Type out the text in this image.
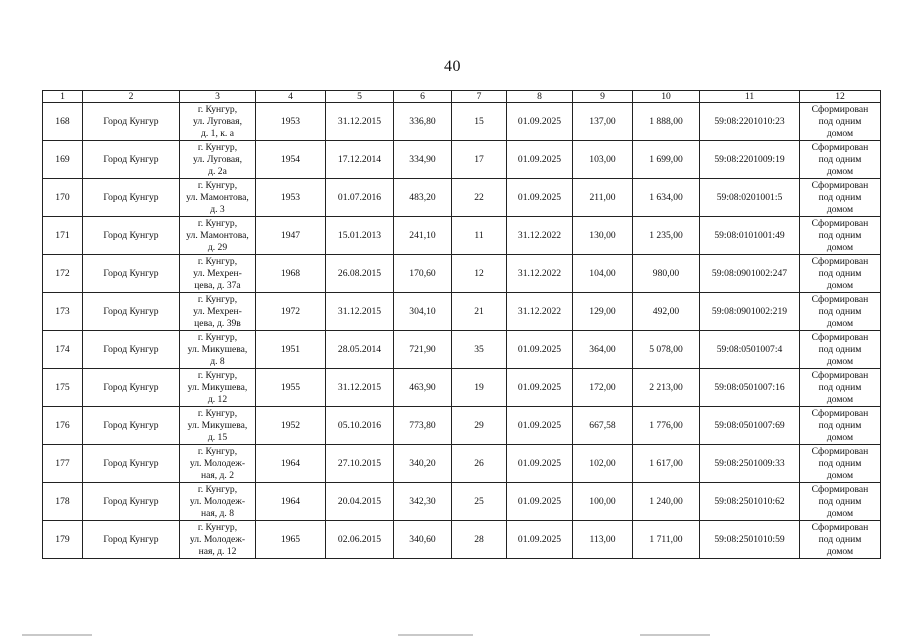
40
1	2	3	4	5	6	7	8	9	10	11	12
168	Город Кунгур	г. Кунгур,
ул. Луговая,
д. 1, к. а	1953	31.12.2015	336,80	15	01.09.2025	137,00	1 888,00	59:08:2201010:23	Сформирован
под одним
домом
169	Город Кунгур	г. Кунгур,
ул. Луговая,
д. 2а	1954	17.12.2014	334,90	17	01.09.2025	103,00	1 699,00	59:08:2201009:19	Сформирован
под одним
домом
170	Город Кунгур	г. Кунгур,
ул. Мамонтова,
д. 3	1953	01.07.2016	483,20	22	01.09.2025	211,00	1 634,00	59:08:0201001:5	Сформирован
под одним
домом
171	Город Кунгур	г. Кунгур,
ул. Мамонтова,
д. 29	1947	15.01.2013	241,10	11	31.12.2022	130,00	1 235,00	59:08:0101001:49	Сформирован
под одним
домом
172	Город Кунгур	г. Кунгур,
ул. Мехрен-
цева, д. 37а	1968	26.08.2015	170,60	12	31.12.2022	104,00	980,00	59:08:0901002:247	Сформирован
под одним
домом
173	Город Кунгур	г. Кунгур,
ул. Мехрен-
цева, д. 39в	1972	31.12.2015	304,10	21	31.12.2022	129,00	492,00	59:08:0901002:219	Сформирован
под одним
домом
174	Город Кунгур	г. Кунгур,
ул. Микушева,
д. 8	1951	28.05.2014	721,90	35	01.09.2025	364,00	5 078,00	59:08:0501007:4	Сформирован
под одним
домом
175	Город Кунгур	г. Кунгур,
ул. Микушева,
д. 12	1955	31.12.2015	463,90	19	01.09.2025	172,00	2 213,00	59:08:0501007:16	Сформирован
под одним
домом
176	Город Кунгур	г. Кунгур,
ул. Микушева,
д. 15	1952	05.10.2016	773,80	29	01.09.2025	667,58	1 776,00	59:08:0501007:69	Сформирован
под одним
домом
177	Город Кунгур	г. Кунгур,
ул. Молодеж-
ная, д. 2	1964	27.10.2015	340,20	26	01.09.2025	102,00	1 617,00	59:08:2501009:33	Сформирован
под одним
домом
178	Город Кунгур	г. Кунгур,
ул. Молодеж-
ная, д. 8	1964	20.04.2015	342,30	25	01.09.2025	100,00	1 240,00	59:08:2501010:62	Сформирован
под одним
домом
179	Город Кунгур	г. Кунгур,
ул. Молодеж-
ная, д. 12	1965	02.06.2015	340,60	28	01.09.2025	113,00	1 711,00	59:08:2501010:59	Сформирован
под одним
домом
